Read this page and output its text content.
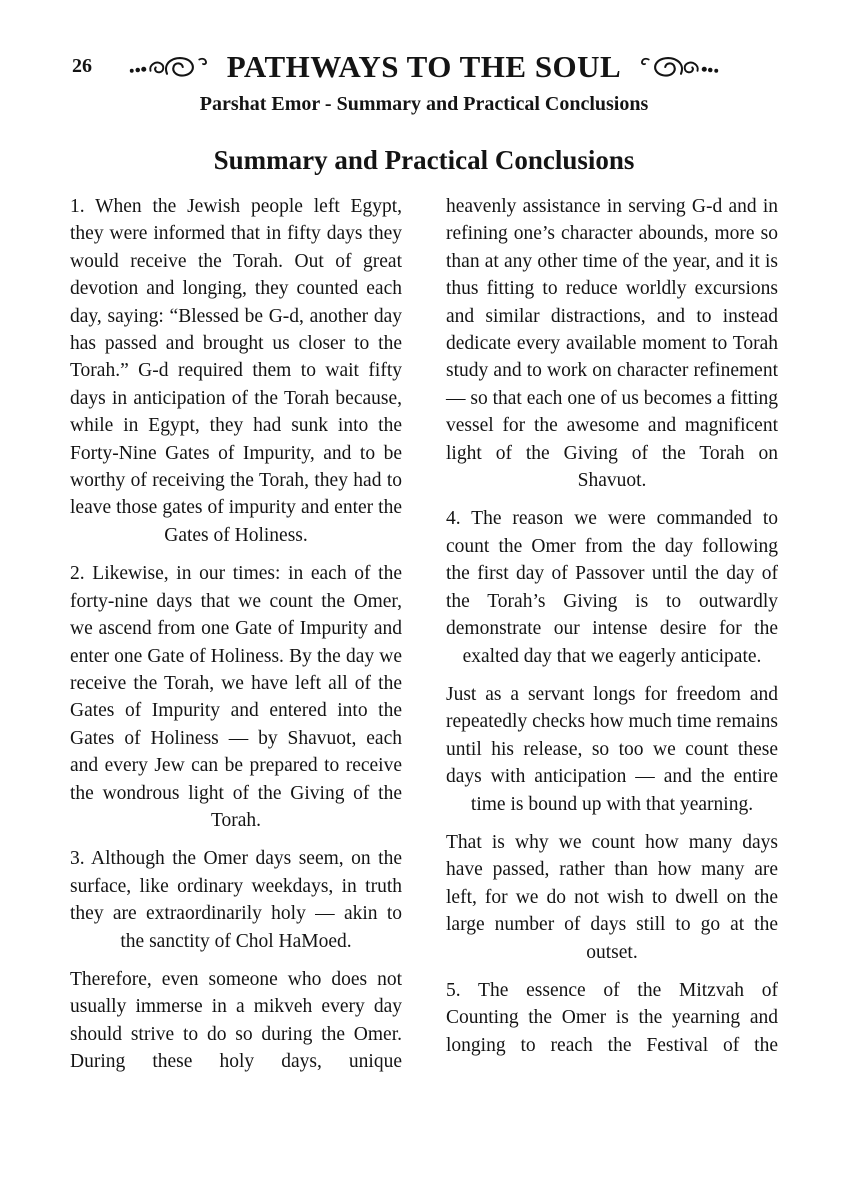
26	PATHWAYS TO THE SOUL
Parshat Emor - Summary and Practical Conclusions
Summary and Practical Conclusions

1. When the Jewish people left Egypt, they were informed that in fifty days they would receive the Torah. Out of great devotion and longing, they counted each day, saying: “Blessed be G-d, another day has passed and brought us closer to the Torah.” G-d required them to wait fifty days in anticipation of the Torah because, while in Egypt, they had sunk into the Forty-Nine Gates of Impurity, and to be worthy of receiving the Torah, they had to leave those gates of impurity and enter the Gates of Holiness.

2. Likewise, in our times: in each of the forty-nine days that we count the Omer, we ascend from one Gate of Impurity and enter one Gate of Holiness. By the day we receive the Torah, we have left all of the Gates of Impurity and entered into the Gates of Holiness — by Shavuot, each and every Jew can be prepared to receive the wondrous light of the Giving of the Torah.

3. Although the Omer days seem, on the surface, like ordinary weekdays, in truth they are extraordinarily holy — akin to the sanctity of Chol HaMoed.

Therefore, even someone who does not usually immerse in a mikveh every day should strive to do so during the Omer. During these holy days, unique

heavenly assistance in serving G-d and in refining one’s character abounds, more so than at any other time of the year, and it is thus fitting to reduce worldly excursions and similar distractions, and to instead dedicate every available moment to Torah study and to work on character refinement — so that each one of us becomes a fitting vessel for the awesome and magnificent light of the Giving of the Torah on Shavuot.

4. The reason we were commanded to count the Omer from the day following the first day of Passover until the day of the Torah’s Giving is to outwardly demonstrate our intense desire for the exalted day that we eagerly anticipate.

Just as a servant longs for freedom and repeatedly checks how much time remains until his release, so too we count these days with anticipation — and the entire time is bound up with that yearning.

That is why we count how many days have passed, rather than how many are left, for we do not wish to dwell on the large number of days still to go at the outset.

5. The essence of the Mitzvah of Counting the Omer is the yearning and longing to reach the Festival of the
